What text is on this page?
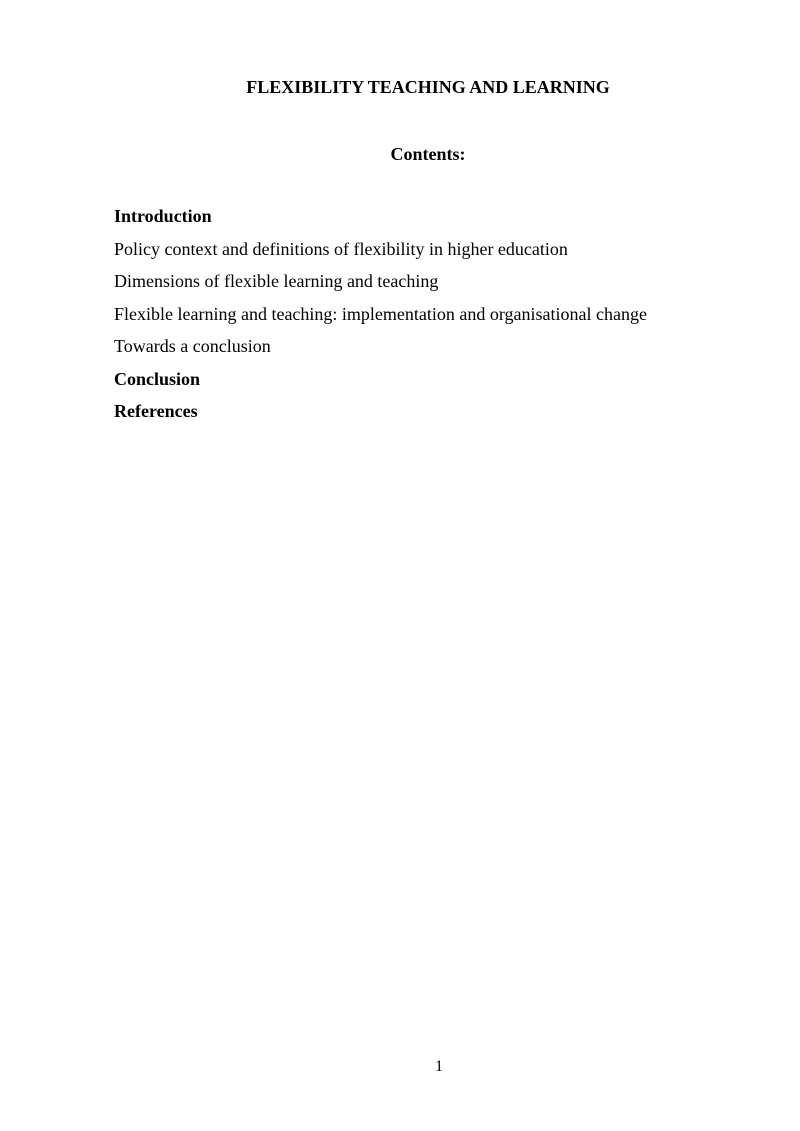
FLEXIBILITY TEACHING AND LEARNING
Contents:
Introduction
Policy context and definitions of flexibility in higher education
Dimensions of flexible learning and teaching
Flexible learning and teaching: implementation and organisational change
Towards a conclusion
Conclusion
References
1
